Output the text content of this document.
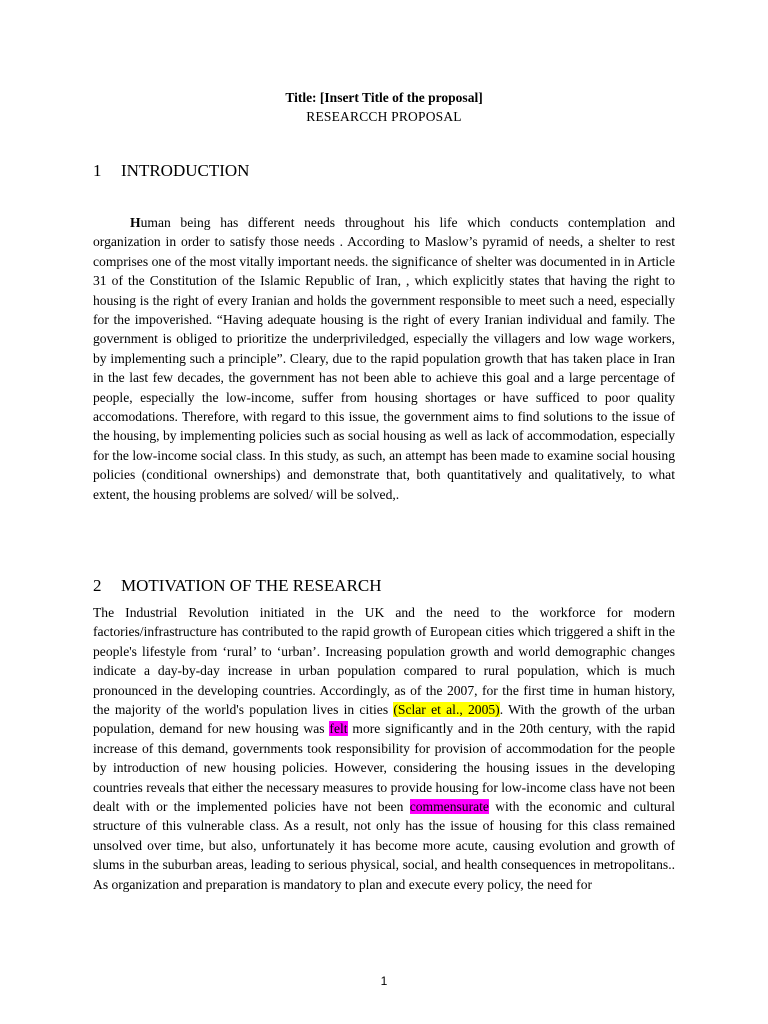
Title: [Insert Title of the proposal]
RESEARCCH PROPOSAL
1 INTRODUCTION

Human being has different needs throughout his life which conducts contemplation and organization in order to satisfy those needs . According to Maslow’s pyramid of needs, a shelter to rest comprises one of the most vitally important needs. the significance of shelter was documented in in Article 31 of the Constitution of the Islamic Republic of Iran, , which explicitly states that having the right to housing is the right of every Iranian and holds the government responsible to meet such a need, especially for the impoverished. “Having adequate housing is the right of every Iranian individual and family. The government is obliged to prioritize the underpriviledged, especially the villagers and low wage workers, by implementing such a principle”. Cleary, due to the rapid population growth that has taken place in Iran in the last few decades, the government has not been able to achieve this goal and a large percentage of people, especially the low-income, suffer from housing shortages or have sufficed to poor quality accomodations. Therefore, with regard to this issue, the government aims to find solutions to the issue of the housing, by implementing policies such as social housing as well as lack of accommodation, especially for the low-income social class. In this study, as such, an attempt has been made to examine social housing policies (conditional ownerships) and demonstrate that, both quantitatively and qualitatively, to what extent, the housing problems are solved/ will be solved,.

2 MOTIVATION OF THE RESEARCH

The Industrial Revolution initiated in the UK and the need to the workforce for modern factories/infrastructure has contributed to the rapid growth of European cities which triggered a shift in the people's lifestyle from ‘rural’ to ‘urban’. Increasing population growth and world demographic changes indicate a day-by-day increase in urban population compared to rural population, which is much pronounced in the developing countries. Accordingly, as of the 2007, for the first time in human history, the majority of the world's population lives in cities (Sclar et al., 2005). With the growth of the urban population, demand for new housing was felt more significantly and in the 20th century, with the rapid increase of this demand, governments took responsibility for provision of accommodation for the people by introduction of new housing policies. However, considering the housing issues in the developing countries reveals that either the necessary measures to provide housing for low-income class have not been dealt with or the implemented policies have not been commensurate with the economic and cultural structure of this vulnerable class. As a result, not only has the issue of housing for this class remained unsolved over time, but also, unfortunately it has become more acute, causing evolution and growth of slums in the suburban areas, leading to serious physical, social, and health consequences in metropolitans.. As organization and preparation is mandatory to plan and execute every policy, the need for

1
